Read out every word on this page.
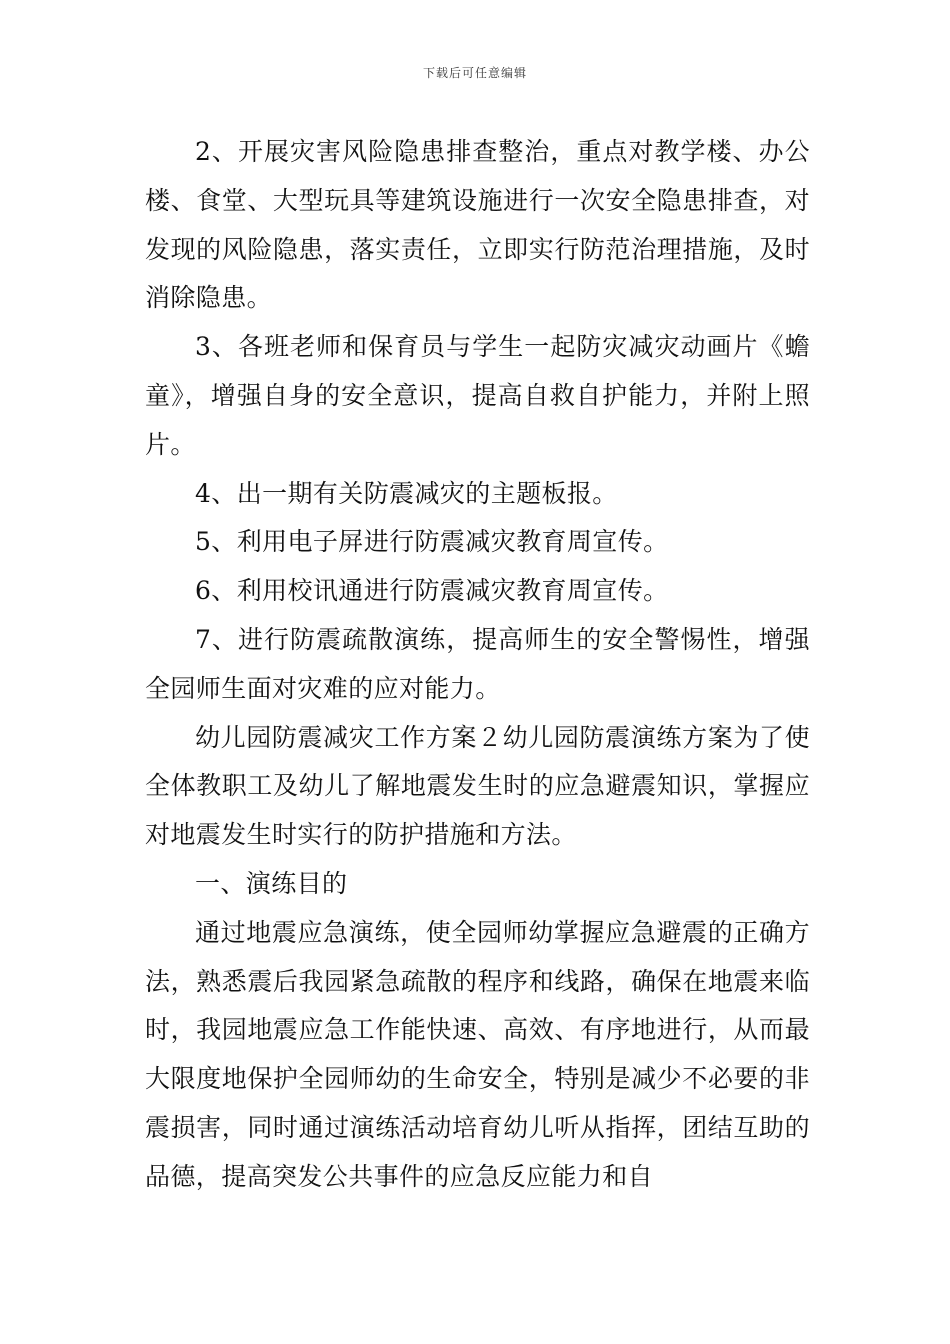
下载后可任意编辑

2、开展灾害风险隐患排查整治，重点对教学楼、办公楼、食堂、大型玩具等建筑设施进行一次安全隐患排查，对发现的风险隐患，落实责任，立即实行防范治理措施，及时消除隐患。

3、各班老师和保育员与学生一起防灾减灾动画片《蟾童》，增强自身的安全意识，提高自救自护能力，并附上照片。

4、出一期有关防震减灾的主题板报。

5、利用电子屏进行防震减灾教育周宣传。

6、利用校讯通进行防震减灾教育周宣传。

7、进行防震疏散演练，提高师生的安全警惕性，增强全园师生面对灾难的应对能力。

幼儿园防震减灾工作方案２幼儿园防震演练方案为了使全体教职工及幼儿了解地震发生时的应急避震知识，掌握应对地震发生时实行的防护措施和方法。

一、演练目的

通过地震应急演练，使全园师幼掌握应急避震的正确方法，熟悉震后我园紧急疏散的程序和线路，确保在地震来临时，我园地震应急工作能快速、高效、有序地进行，从而最大限度地保护全园师幼的生命安全，特别是减少不必要的非震损害，同时通过演练活动培育幼儿听从指挥，团结互助的品德，提高突发公共事件的应急反应能力和自
